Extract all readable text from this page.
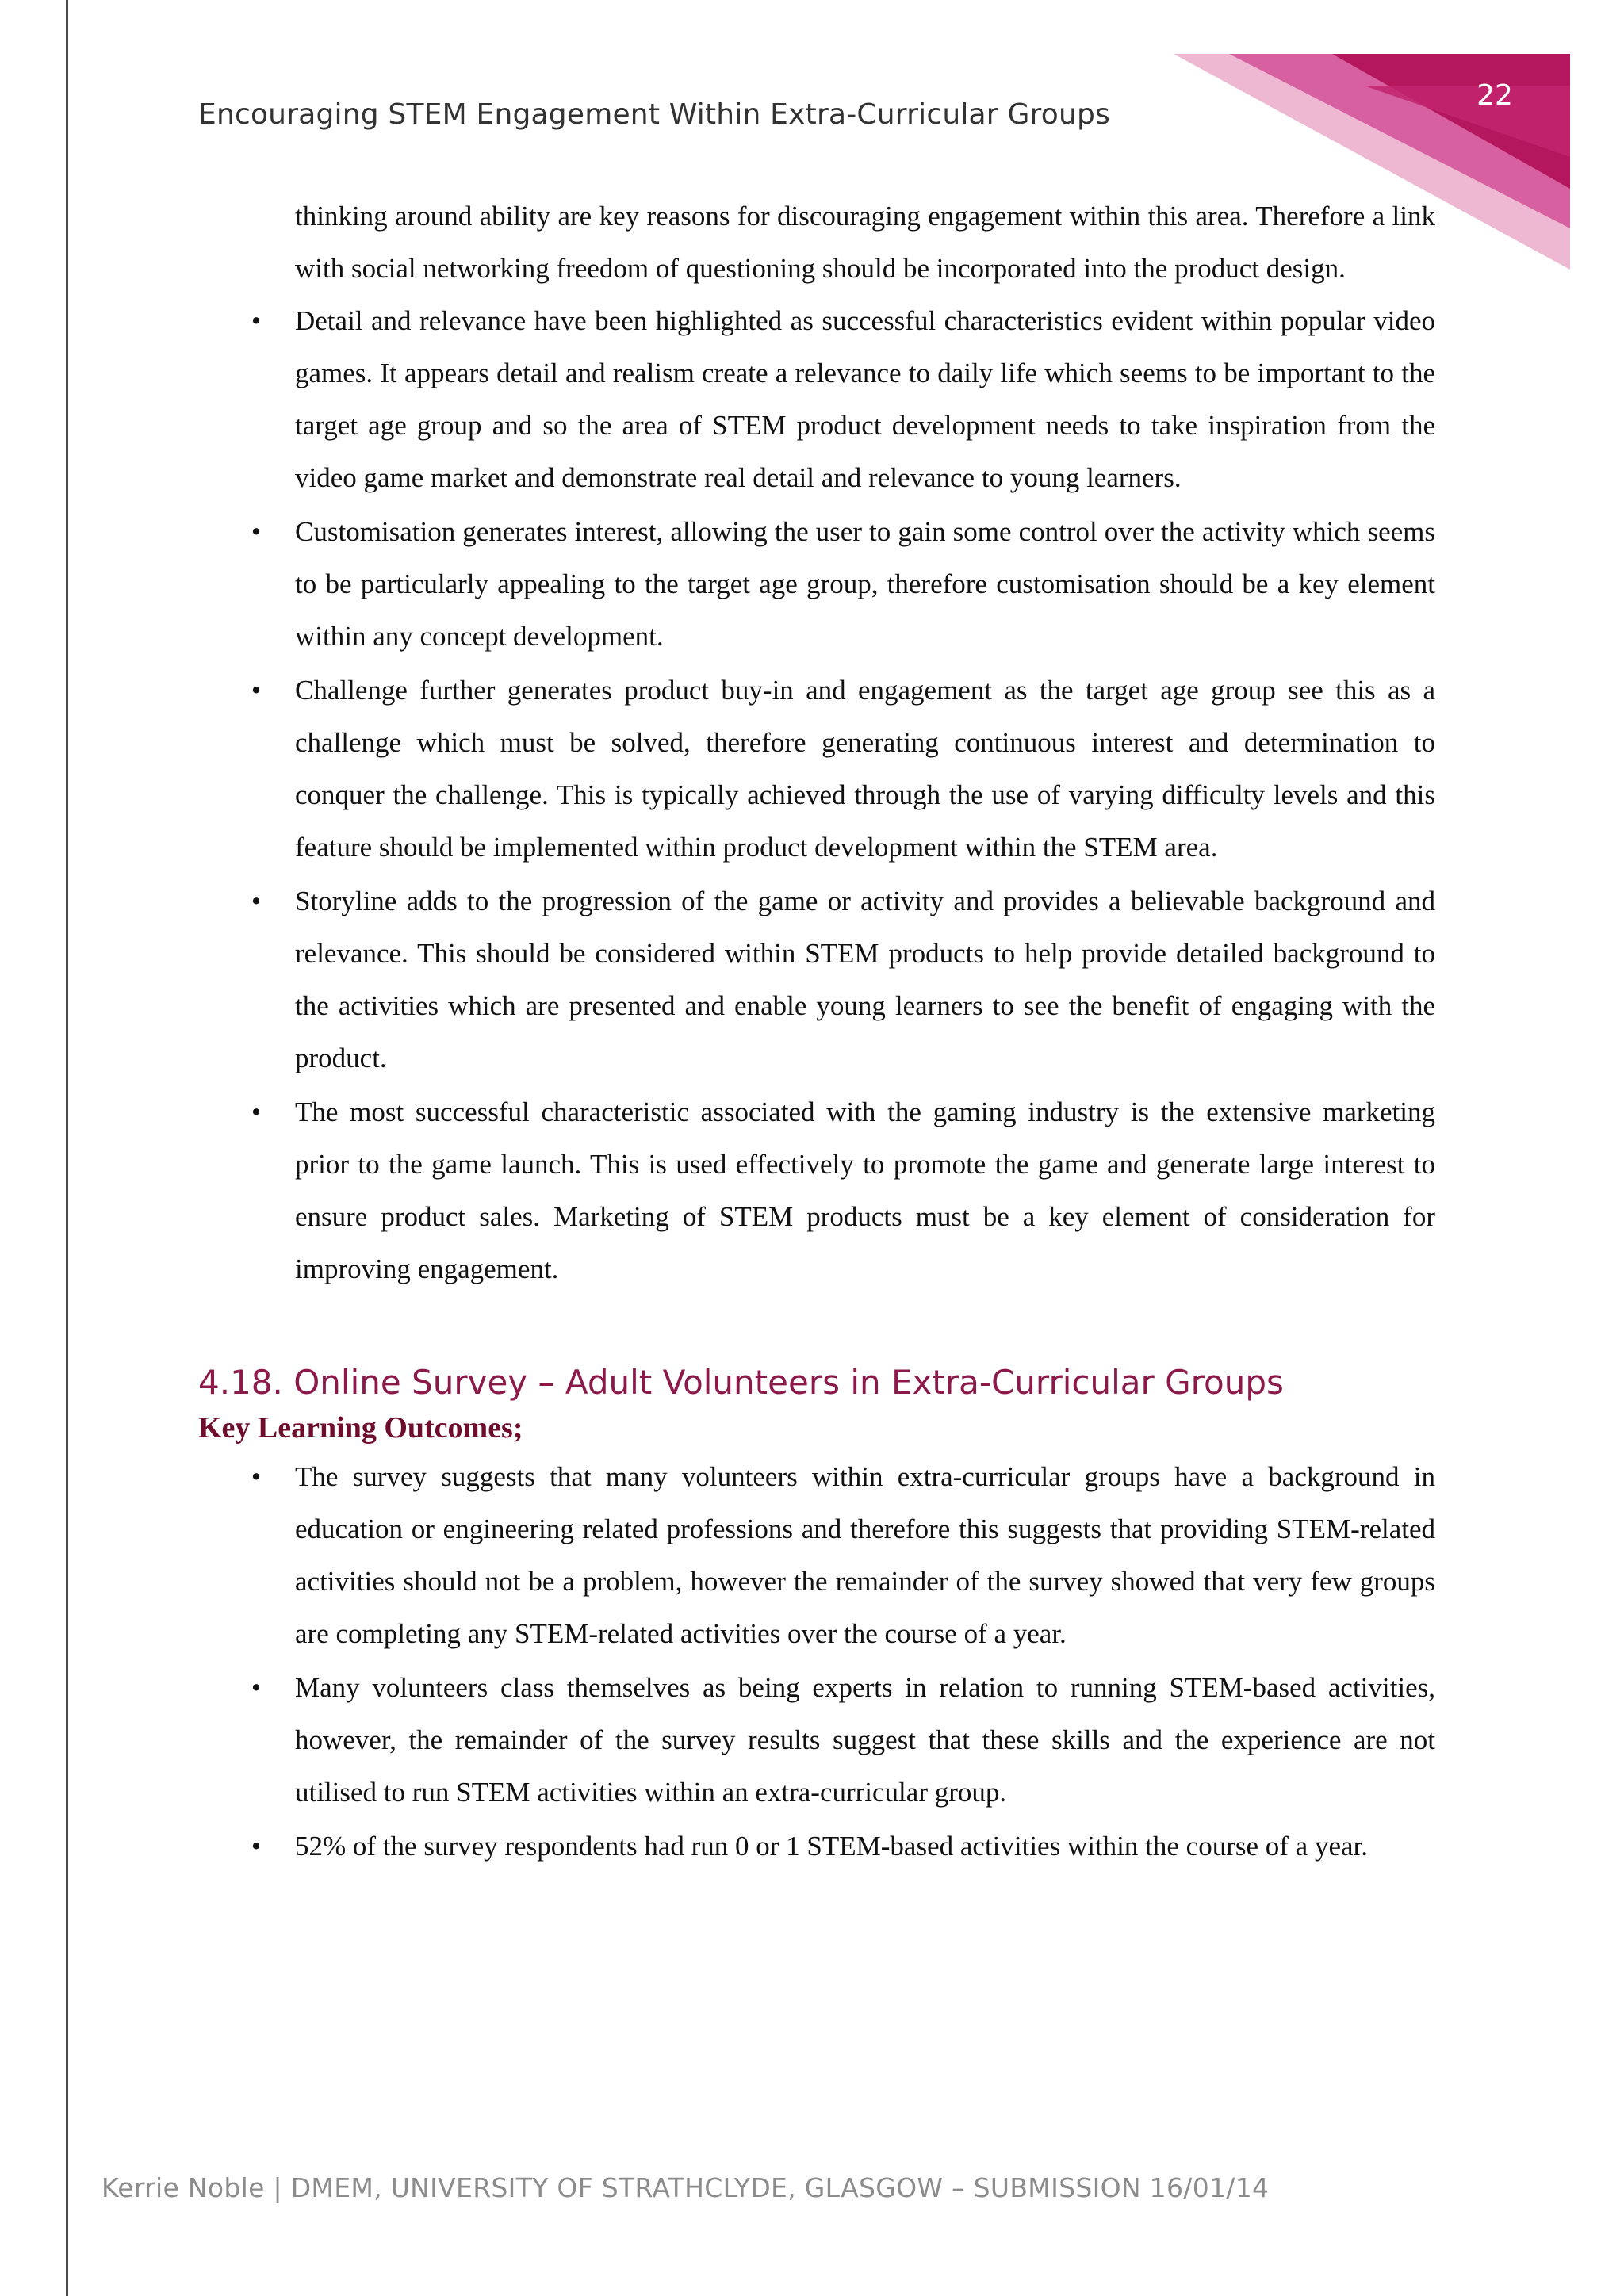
22
Encouraging STEM Engagement Within Extra-Curricular Groups

thinking around ability are key reasons for discouraging engagement within this area. Therefore a link with social networking freedom of questioning should be incorporated into the product design.

• Detail and relevance have been highlighted as successful characteristics evident within popular video games. It appears detail and realism create a relevance to daily life which seems to be important to the target age group and so the area of STEM product development needs to take inspiration from the video game market and demonstrate real detail and relevance to young learners.
• Customisation generates interest, allowing the user to gain some control over the activity which seems to be particularly appealing to the target age group, therefore customisation should be a key element within any concept development.
• Challenge further generates product buy-in and engagement as the target age group see this as a challenge which must be solved, therefore generating continuous interest and determination to conquer the challenge. This is typically achieved through the use of varying difficulty levels and this feature should be implemented within product development within the STEM area.
• Storyline adds to the progression of the game or activity and provides a believable background and relevance. This should be considered within STEM products to help provide detailed background to the activities which are presented and enable young learners to see the benefit of engaging with the product.
• The most successful characteristic associated with the gaming industry is the extensive marketing prior to the game launch. This is used effectively to promote the game and generate large interest to ensure product sales. Marketing of STEM products must be a key element of consideration for improving engagement.
4.18. Online Survey – Adult Volunteers in Extra-Curricular Groups
Key Learning Outcomes;
• The survey suggests that many volunteers within extra-curricular groups have a background in education or engineering related professions and therefore this suggests that providing STEM-related activities should not be a problem, however the remainder of the survey showed that very few groups are completing any STEM-related activities over the course of a year.
• Many volunteers class themselves as being experts in relation to running STEM-based activities, however, the remainder of the survey results suggest that these skills and the experience are not utilised to run STEM activities within an extra-curricular group.
• 52% of the survey respondents had run 0 or 1 STEM-based activities within the course of a year.
Kerrie Noble | DMEM, UNIVERSITY OF STRATHCLYDE, GLASGOW – SUBMISSION 16/01/14
